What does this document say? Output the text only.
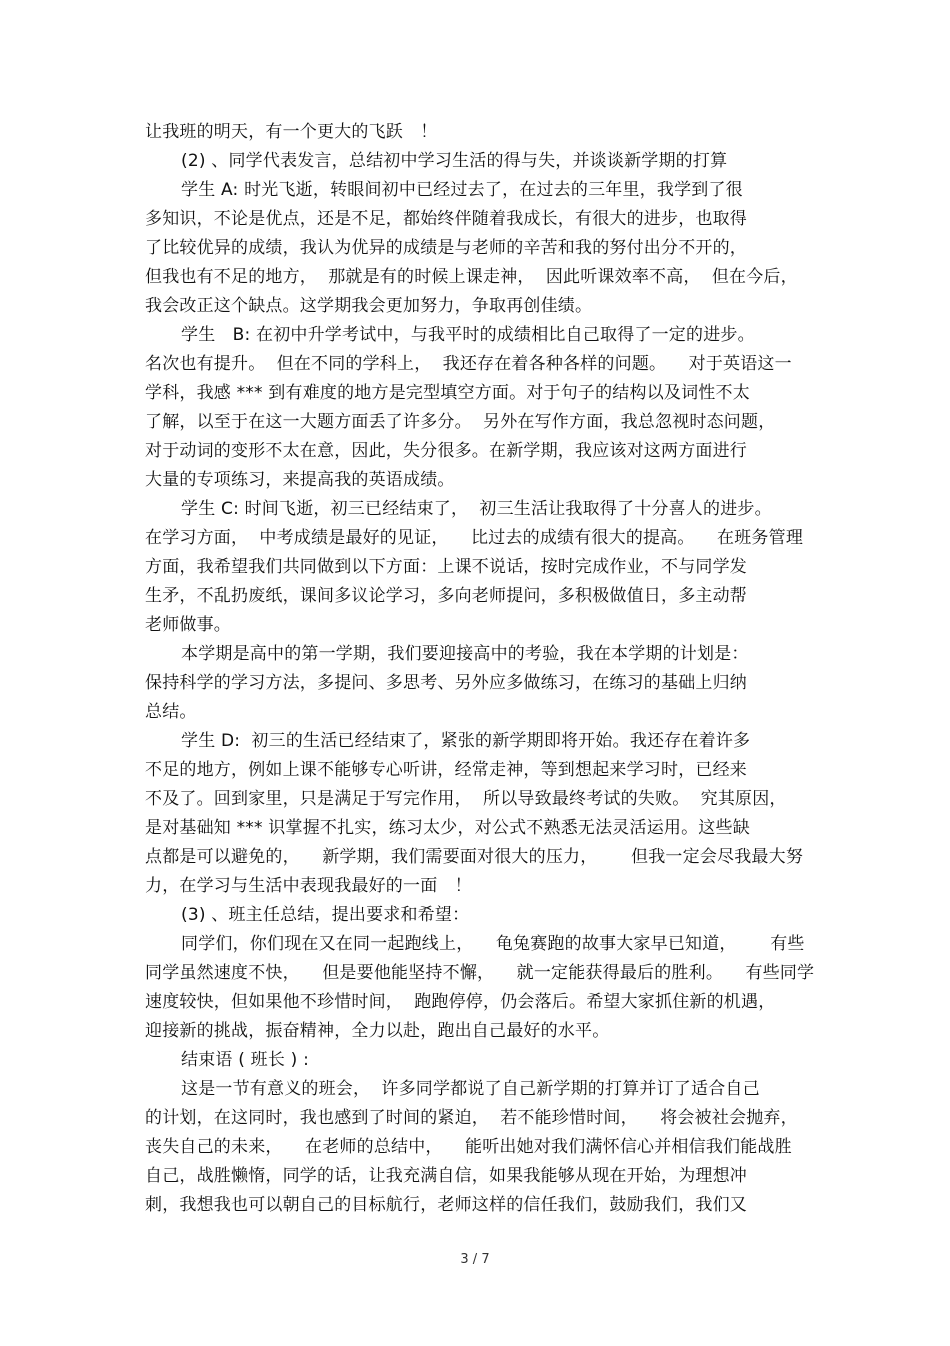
让我班的明天，有一个更大的飞跃　！
(2) 、同学代表发言，总结初中学习生活的得与失，并谈谈新学期的打算
学生 A: 时光飞逝，转眼间初中已经过去了，在过去的三年里，我学到了很
多知识，不论是优点，还是不足，都始终伴随着我成长，有很大的进步，也取得
了比较优异的成绩，我认为优异的成绩是与老师的辛苦和我的努付出分不开的，
但我也有不足的地方，  那就是有的时候上课走神，  因此听课效率不高，  但在今后，
我会改正这个缺点。这学期我会更加努力，争取再创佳绩。
学生　B: 在初中升学考试中，与我平时的成绩相比自己取得了一定的进步。
名次也有提升。  但在不同的学科上，  我还存在着各种各样的问题。    对于英语这一
学科，我感 *** 到有难度的地方是完型填空方面。对于句子的结构以及词性不太
了解，以至于在这一大题方面丢了许多分。  另外在写作方面，我总忽视时态问题，
对于动词的变形不太在意，因此，失分很多。在新学期，我应该对这两方面进行
大量的专项练习，来提高我的英语成绩。
学生 C: 时间飞逝，初三已经结束了，  初三生活让我取得了十分喜人的进步。
在学习方面，  中考成绩是最好的见证，    比过去的成绩有很大的提高。    在班务管理
方面，我希望我们共同做到以下方面：上课不说话，按时完成作业，不与同学发
生矛，不乱扔废纸，课间多议论学习，多向老师提问，多积极做值日，多主动帮
老师做事。
本学期是高中的第一学期，我们要迎接高中的考验，我在本学期的计划是：
保持科学的学习方法，多提问、多思考、另外应多做练习，在练习的基础上归纳
总结。
学生 D:  初三的生活已经结束了，紧张的新学期即将开始。我还存在着许多
不足的地方，例如上课不能够专心听讲，经常走神，等到想起来学习时，已经来
不及了。回到家里，只是满足于写完作用，  所以导致最终考试的失败。  究其原因，
是对基础知 *** 识掌握不扎实，练习太少，对公式不熟悉无法灵活运用。这些缺
点都是可以避免的，    新学期，我们需要面对很大的压力，      但我一定会尽我最大努
力，在学习与生活中表现我最好的一面　！
(3) 、班主任总结，提出要求和希望：
同学们，你们现在又在同一起跑线上，    龟兔赛跑的故事大家早已知道，      有些
同学虽然速度不快，    但是要他能坚持不懈，    就一定能获得最后的胜利。    有些同学
速度较快，但如果他不珍惜时间，  跑跑停停，仍会落后。希望大家抓住新的机遇，
迎接新的挑战，振奋精神，全力以赴，跑出自己最好的水平。
结束语 ( 班长 ) :
这是一节有意义的班会，  许多同学都说了自己新学期的打算并订了适合自己
的计划，在这同时，我也感到了时间的紧迫，  若不能珍惜时间，    将会被社会抛弃，
丧失自己的未来，    在老师的总结中，    能听出她对我们满怀信心并相信我们能战胜
自己，战胜懒惰，同学的话，让我充满自信，如果我能够从现在开始，为理想冲
刺，我想我也可以朝自己的目标航行，老师这样的信任我们，鼓励我们，我们又
3 / 7
